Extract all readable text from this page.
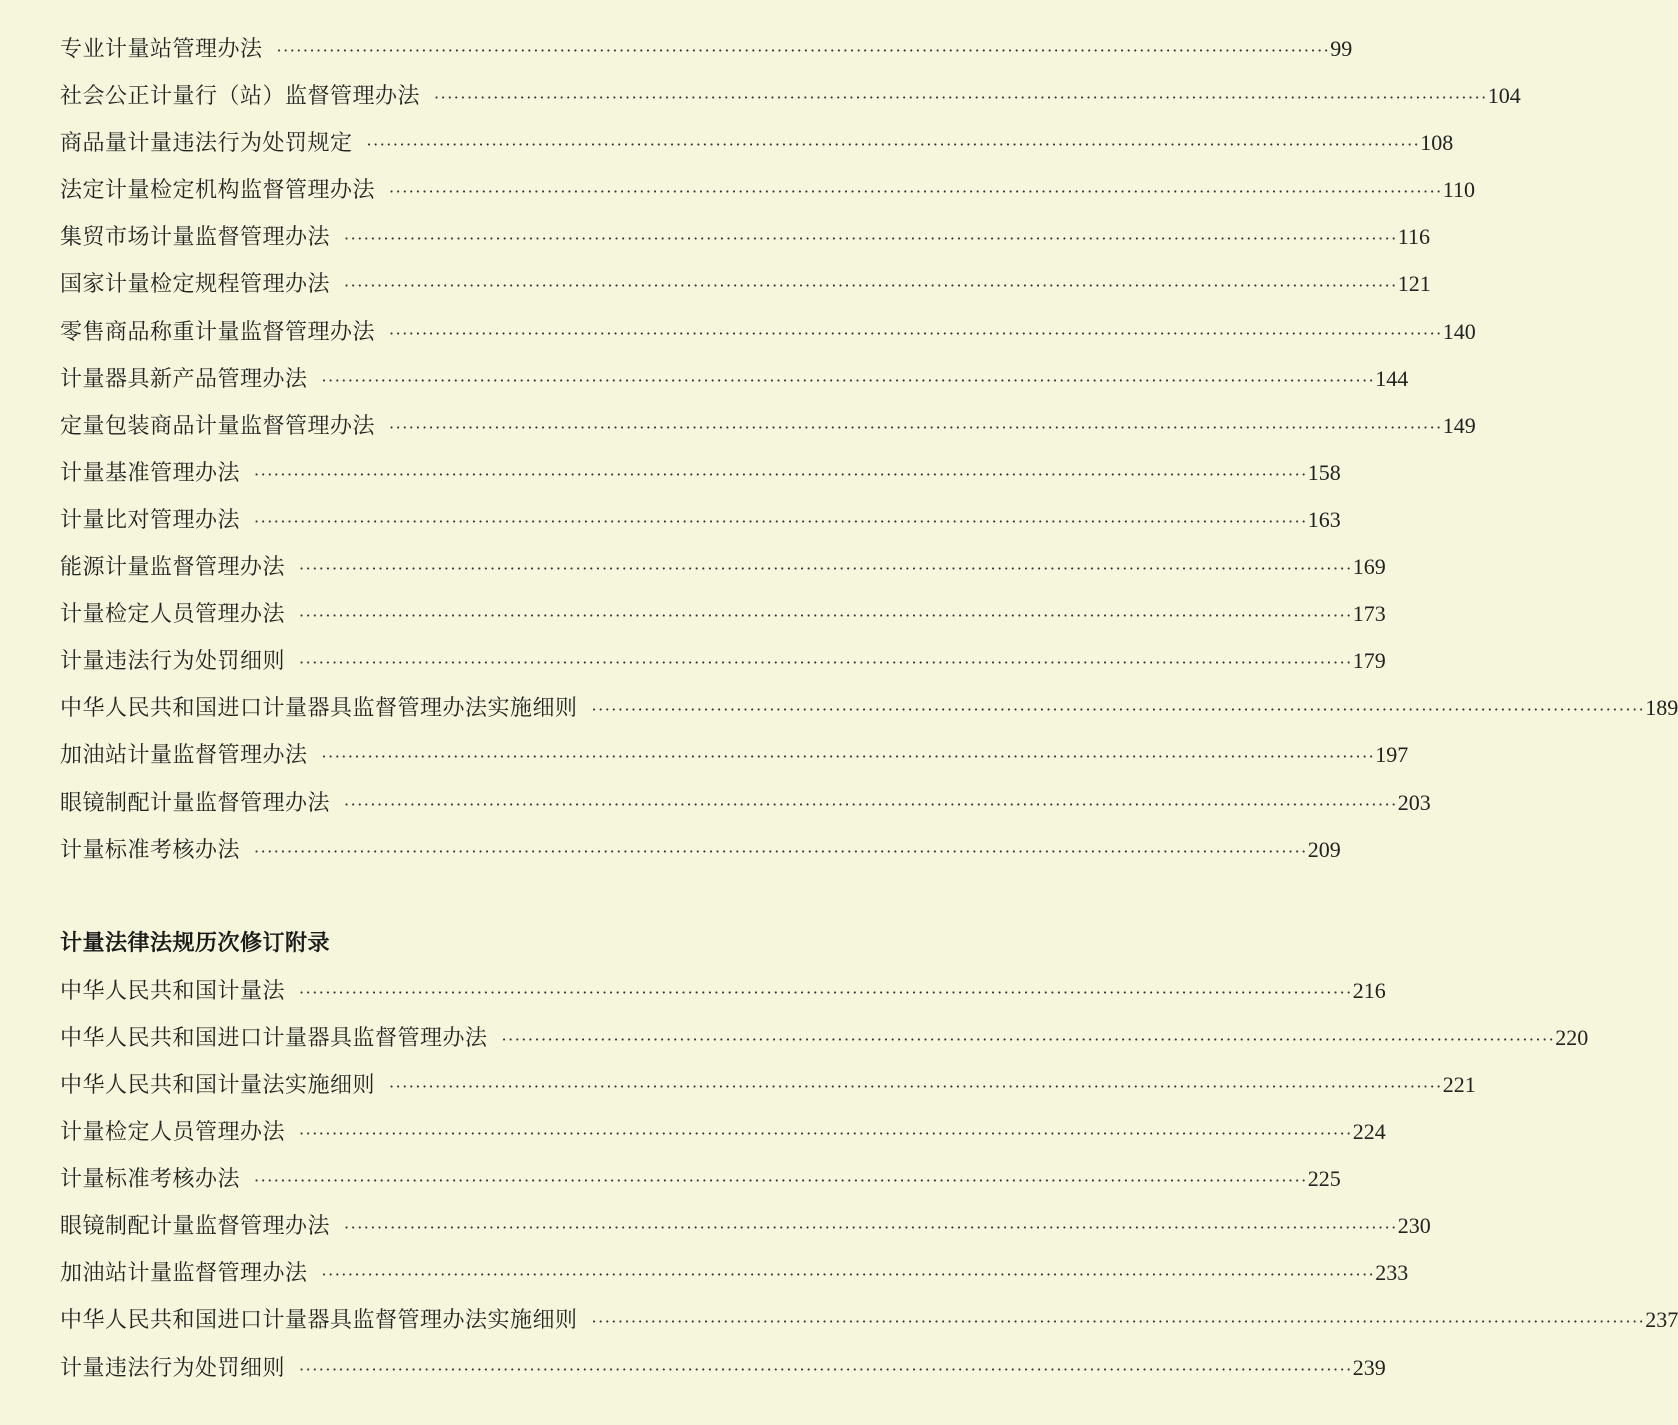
专业计量站管理办法 ································································································································································ 99
社会公正计量行（站）监督管理办法 ································································································································································ 104
商品量计量违法行为处罚规定 ································································································································································ 108
法定计量检定机构监督管理办法 ································································································································································ 110
集贸市场计量监督管理办法 ································································································································································ 116
国家计量检定规程管理办法 ································································································································································ 121
零售商品称重计量监督管理办法 ································································································································································ 140
计量器具新产品管理办法 ································································································································································ 144
定量包装商品计量监督管理办法 ································································································································································ 149
计量基准管理办法 ································································································································································ 158
计量比对管理办法 ································································································································································ 163
能源计量监督管理办法 ································································································································································ 169
计量检定人员管理办法 ································································································································································ 173
计量违法行为处罚细则 ································································································································································ 179
中华人民共和国进口计量器具监督管理办法实施细则 ································································································································································ 189
加油站计量监督管理办法 ································································································································································ 197
眼镜制配计量监督管理办法 ································································································································································ 203
计量标准考核办法 ································································································································································ 209
计量法律法规历次修订附录
中华人民共和国计量法 ································································································································································ 216
中华人民共和国进口计量器具监督管理办法 ································································································································································ 220
中华人民共和国计量法实施细则 ································································································································································ 221
计量检定人员管理办法 ································································································································································ 224
计量标准考核办法 ································································································································································ 225
眼镜制配计量监督管理办法 ································································································································································ 230
加油站计量监督管理办法 ································································································································································ 233
中华人民共和国进口计量器具监督管理办法实施细则 ································································································································································ 237
计量违法行为处罚细则 ································································································································································ 239
